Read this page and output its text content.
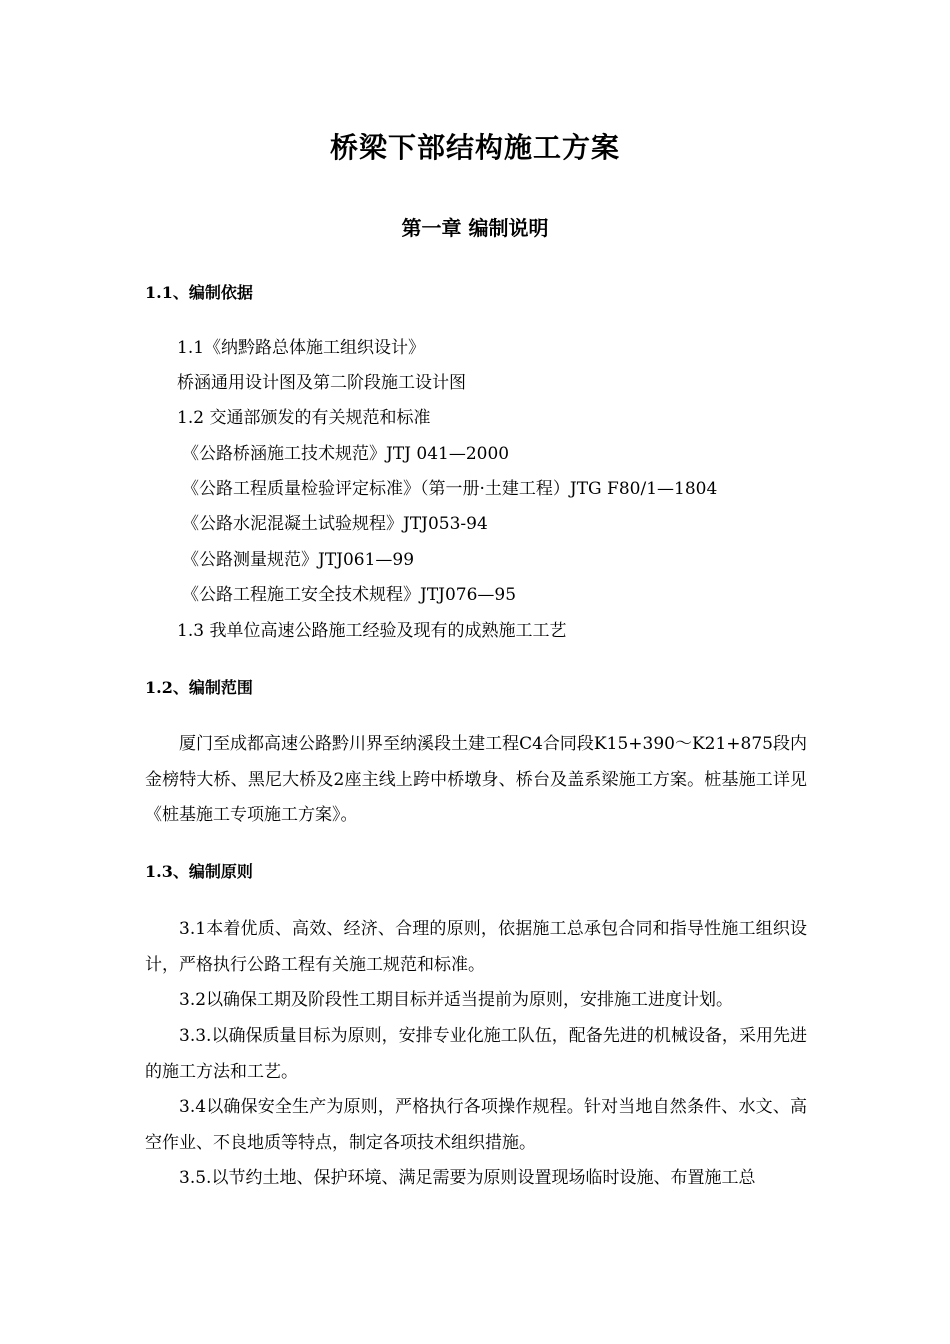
桥梁下部结构施工方案
第一章 编制说明
1.1、编制依据
1.1《纳黔路总体施工组织设计》
桥涵通用设计图及第二阶段施工设计图
1.2 交通部颁发的有关规范和标准
《公路桥涵施工技术规范》JTJ 041—2000
《公路工程质量检验评定标准》（第一册·土建工程）JTG F80/1—1804
《公路水泥混凝土试验规程》JTJ053-94
《公路测量规范》JTJ061—99
《公路工程施工安全技术规程》JTJ076—95
1.3 我单位高速公路施工经验及现有的成熟施工工艺
1.2、编制范围
厦门至成都高速公路黔川界至纳溪段土建工程C4合同段K15+390～K21+875段内金榜特大桥、黑尼大桥及2座主线上跨中桥墩身、桥台及盖系梁施工方案。桩基施工详见《桩基施工专项施工方案》。
1.3、编制原则
3.1本着优质、高效、经济、合理的原则，依据施工总承包合同和指导性施工组织设计，严格执行公路工程有关施工规范和标准。
3.2以确保工期及阶段性工期目标并适当提前为原则，安排施工进度计划。
3.3.以确保质量目标为原则，安排专业化施工队伍，配备先进的机械设备，采用先进的施工方法和工艺。
3.4以确保安全生产为原则，严格执行各项操作规程。针对当地自然条件、水文、高空作业、不良地质等特点，制定各项技术组织措施。
3.5.以节约土地、保护环境、满足需要为原则设置现场临时设施、布置施工总
